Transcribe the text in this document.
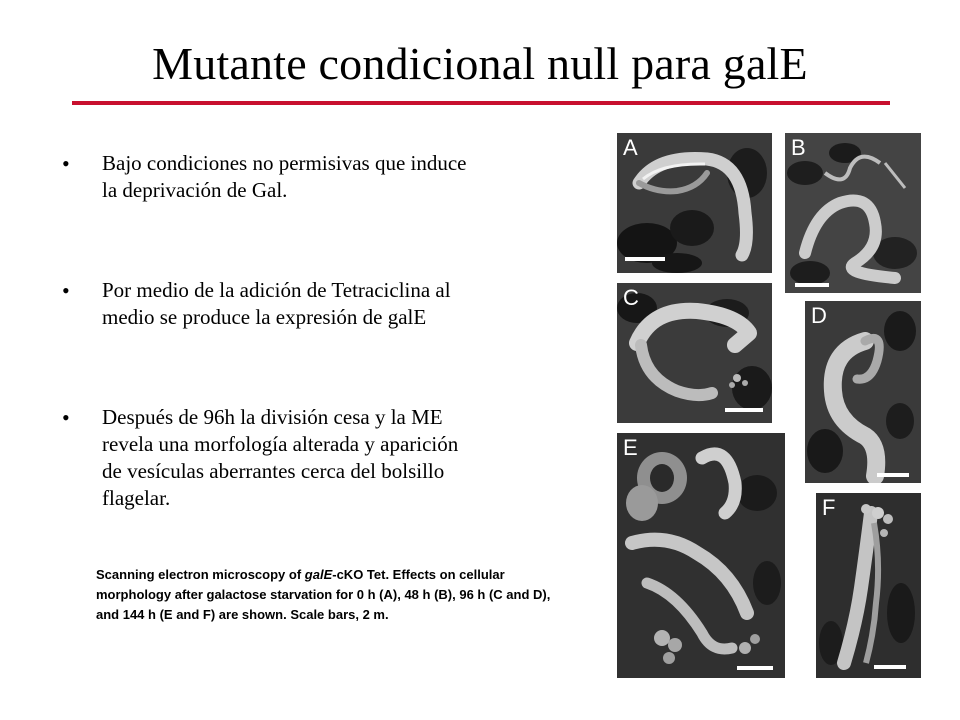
Mutante condicional null para galE
• Bajo condiciones no permisivas que induce la deprivación de Gal.
• Por medio de la adición de Tetraciclina al medio se produce la expresión de galE
• Después de 96h la división cesa y la ME revela una morfología alterada y aparición de vesículas aberrantes cerca del bolsillo flagelar.
Scanning electron microscopy of galE-cKO Tet. Effects on cellular morphology after galactose starvation for 0 h (A), 48 h (B), 96 h (C and D), and 144 h (E and F) are shown. Scale bars, 2 m.
A	B
C
D
E
F
